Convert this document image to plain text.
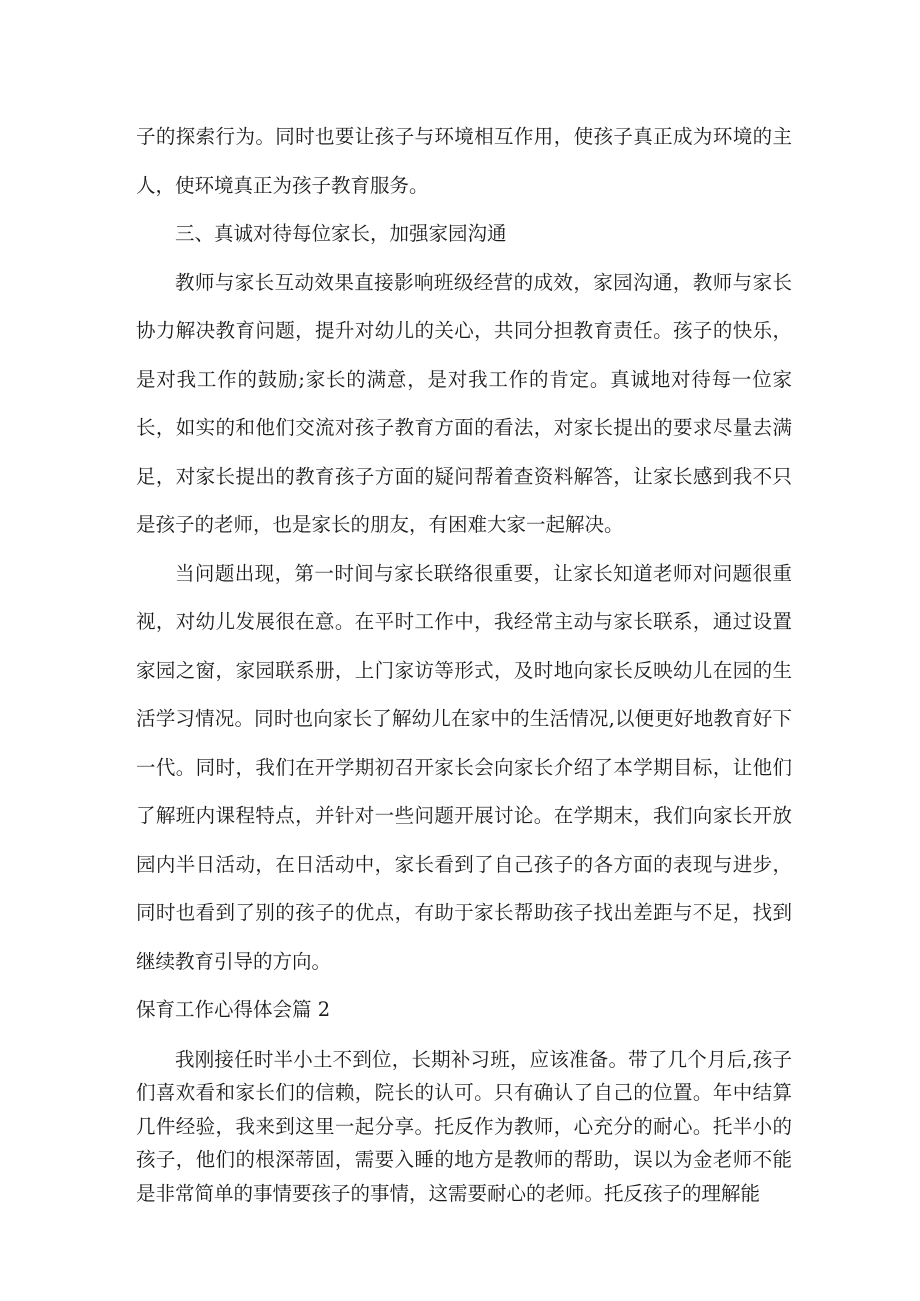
子的探索行为。同时也要让孩子与环境相互作用，使孩子真正成为环境的主人，使环境真正为孩子教育服务。

三、真诚对待每位家长，加强家园沟通

教师与家长互动效果直接影响班级经营的成效，家园沟通，教师与家长协力解决教育问题，提升对幼儿的关心，共同分担教育责任。孩子的快乐，是对我工作的鼓励;家长的满意，是对我工作的肯定。真诚地对待每一位家长，如实的和他们交流对孩子教育方面的看法，对家长提出的要求尽量去满足，对家长提出的教育孩子方面的疑问帮着查资料解答，让家长感到我不只是孩子的老师，也是家长的朋友，有困难大家一起解决。

当问题出现，第一时间与家长联络很重要，让家长知道老师对问题很重视，对幼儿发展很在意。在平时工作中，我经常主动与家长联系，通过设置家园之窗，家园联系册，上门家访等形式，及时地向家长反映幼儿在园的生活学习情况。同时也向家长了解幼儿在家中的生活情况,以便更好地教育好下一代。同时，我们在开学期初召开家长会向家长介绍了本学期目标，让他们了解班内课程特点，并针对一些问题开展讨论。在学期末，我们向家长开放园内半日活动，在日活动中，家长看到了自己孩子的各方面的表现与进步，同时也看到了别的孩子的优点，有助于家长帮助孩子找出差距与不足，找到继续教育引导的方向。

保育工作心得体会篇 2

我刚接任时半小土不到位，长期补习班，应该准备。带了几个月后,孩子们喜欢看和家长们的信赖，院长的认可。只有确认了自己的位置。年中结算几件经验，我来到这里一起分享。托反作为教师，心充分的耐心。托半小的孩子，他们的根深蒂固，需要入睡的地方是教师的帮助，误以为金老师不能是非常简单的事情要孩子的事情，这需要耐心的老师。托反孩子的理解能
